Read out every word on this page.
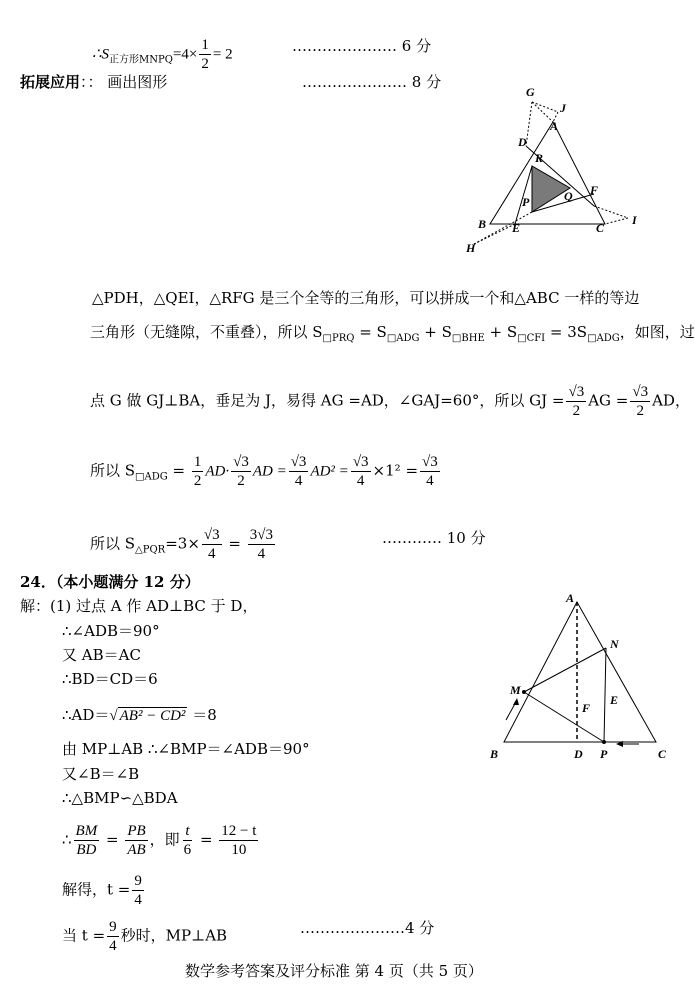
$\therefore S_{正方形MNPQ}=4\times \frac{1}{2} = 2$	………………… 6 分
拓展应用：： 画出图形	………………… 8 分
G
J
A
D
R
F
Q
P
B E	C
I
H
△PDH，△QEI，△RFG 是三个全等的三角形，可以拼成一个和△ABC 一样的等边
三角形（无缝隙，不重叠），所以 $S_{□PRQ} = S_{□ADG} + S_{□BHE} + S_{□CFI} = 3S_{□ADG}$，如图，过
点 G 做 GJ⊥BA，垂足为 J，易得 AG =AD，∠GAJ=60°，所以 GJ = $\frac{√3}{2}$ AG = $\frac{√3}{2}$ AD，
所以 $S_{□ADG} = \frac{1}{2} AD\cdot \frac{√3}{2}$ AD = $\frac{√3}{4} AD^2 = \frac{√3}{4} \times 1^2 = \frac{√3}{4}$
所以 $S_{\triangle PQR}=3\times \frac{√3}{4} = \frac{3√3}{4}$	………… 10 分
24．（本小题满分 12 分）
解：(1) 过点 A 作 AD⊥BC 于 D，
∴∠ADB＝90°
又 AB＝AC
∴BD＝CD＝6
∴AD＝√ AB² − CD² ＝8
由 MP⊥AB ∴∠BMP＝∠ADB＝90°
又∠B＝∠B
∴△BMP∽△BDA
∴ $\frac{BM}{BD} = \frac{PB}{AB}$ ，即 $\frac{t}{6} = \frac{12 - t}{10}$
解得，$t = \frac{9}{4}$
当 $t = \frac{9}{4}$ 秒时，MP⊥AB	…………………4 分
A
N
M
E
F
B	D P	C
数学参考答案及评分标准 第 4 页（共 5 页）
